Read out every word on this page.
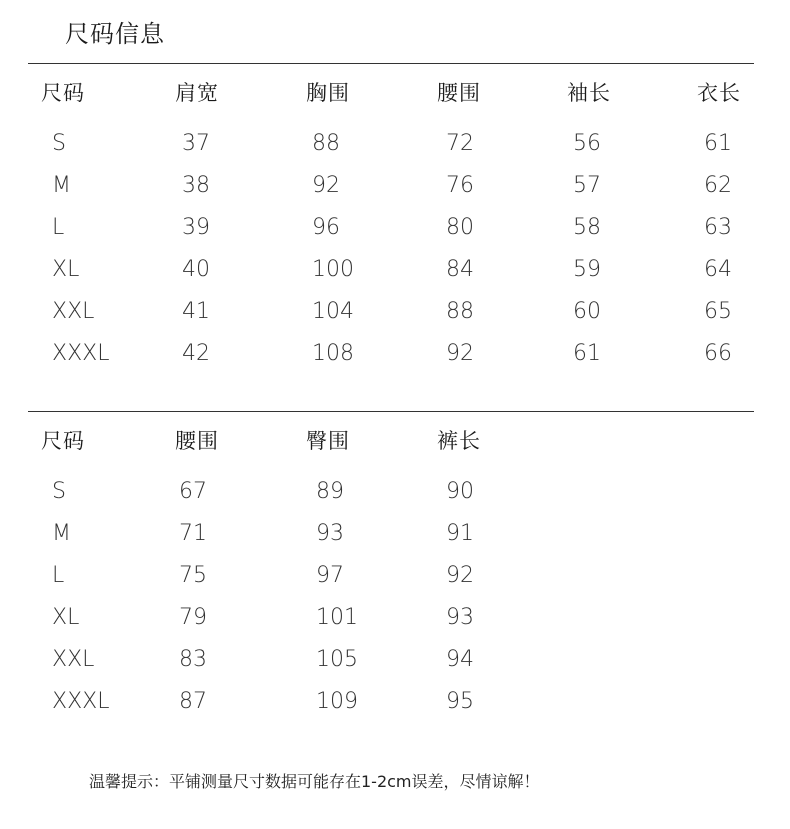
尺码信息
尺码	肩宽	胸围	腰围	袖长	衣长
S	37	88	72	56	61
M	38	92	76	57	62
L	39	96	80	58	63
XL	40	100	84	59	64
XXL	41	104	88	60	65
XXXL	42	108	92	61	66
尺码	腰围	臀围	裤长
S	67	89	90
M	71	93	91
L	75	97	92
XL	79	101	93
XXL	83	105	94
XXXL	87	109	95
温馨提示：平铺测量尺寸数据可能存在1-2cm误差，尽情谅解！
